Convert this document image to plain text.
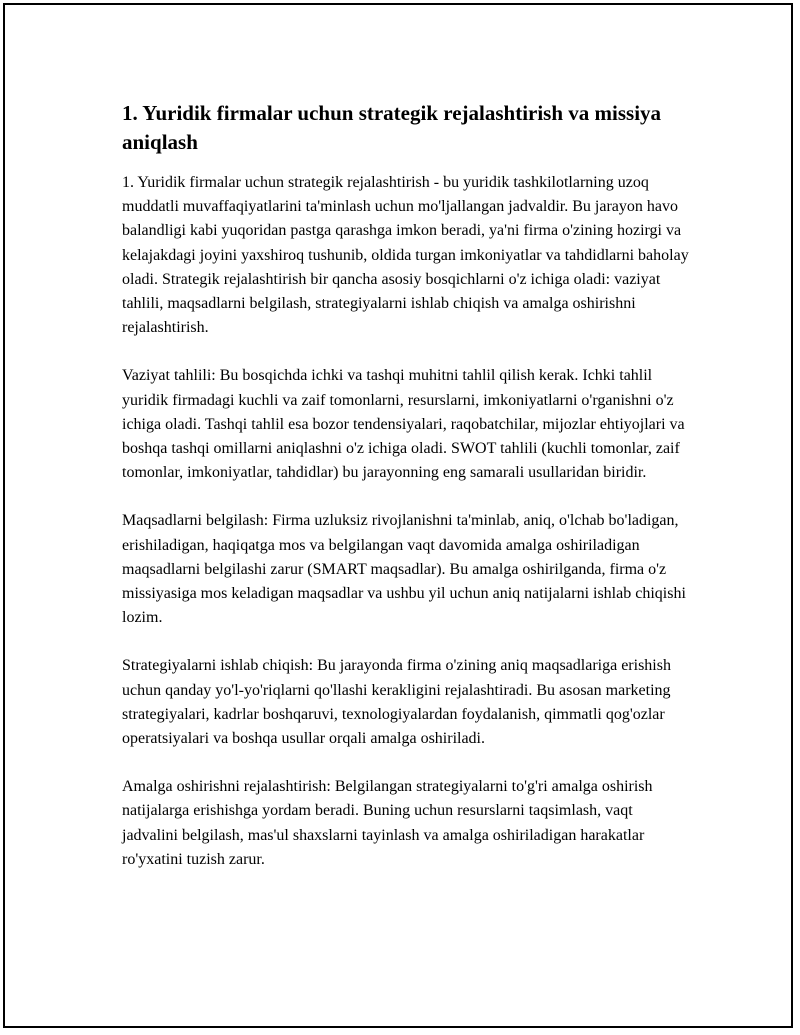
1. Yuridik firmalar uchun strategik rejalashtirish va missiya aniqlash

1. Yuridik firmalar uchun strategik rejalashtirish - bu yuridik tashkilotlarning uzoq muddatli muvaffaqiyatlarini ta'minlash uchun mo'ljallangan jadvaldir. Bu jarayon havo balandligi kabi yuqoridan pastga qarashga imkon beradi, ya'ni firma o'zining hozirgi va kelajakdagi joyini yaxshiroq tushunib, oldida turgan imkoniyatlar va tahdidlarni baholay oladi. Strategik rejalashtirish bir qancha asosiy bosqichlarni o'z ichiga oladi: vaziyat tahlili, maqsadlarni belgilash, strategiyalarni ishlab chiqish va amalga oshirishni rejalashtirish.

Vaziyat tahlili: Bu bosqichda ichki va tashqi muhitni tahlil qilish kerak. Ichki tahlil yuridik firmadagi kuchli va zaif tomonlarni, resurslarni, imkoniyatlarni o'rganishni o'z ichiga oladi. Tashqi tahlil esa bozor tendensiyalari, raqobatchilar, mijozlar ehtiyojlari va boshqa tashqi omillarni aniqlashni o'z ichiga oladi. SWOT tahlili (kuchli tomonlar, zaif tomonlar, imkoniyatlar, tahdidlar) bu jarayonning eng samarali usullaridan biridir.

Maqsadlarni belgilash: Firma uzluksiz rivojlanishni ta'minlab, aniq, o'lchab bo'ladigan, erishiladigan, haqiqatga mos va belgilangan vaqt davomida amalga oshiriladigan maqsadlarni belgilashi zarur (SMART maqsadlar). Bu amalga oshirilganda, firma o'z missiyasiga mos keladigan maqsadlar va ushbu yil uchun aniq natijalarni ishlab chiqishi lozim.

Strategiyalarni ishlab chiqish: Bu jarayonda firma o'zining aniq maqsadlariga erishish uchun qanday yo'l-yo'riqlarni qo'llashi kerakligini rejalashtiradi. Bu asosan marketing strategiyalari, kadrlar boshqaruvi, texnologiyalardan foydalanish, qimmatli qog'ozlar operatsiyalari va boshqa usullar orqali amalga oshiriladi.

Amalga oshirishni rejalashtirish: Belgilangan strategiyalarni to'g'ri amalga oshirish natijalarga erishishga yordam beradi. Buning uchun resurslarni taqsimlash, vaqt jadvalini belgilash, mas'ul shaxslarni tayinlash va amalga oshiriladigan harakatlar ro'yxatini tuzish zarur.
